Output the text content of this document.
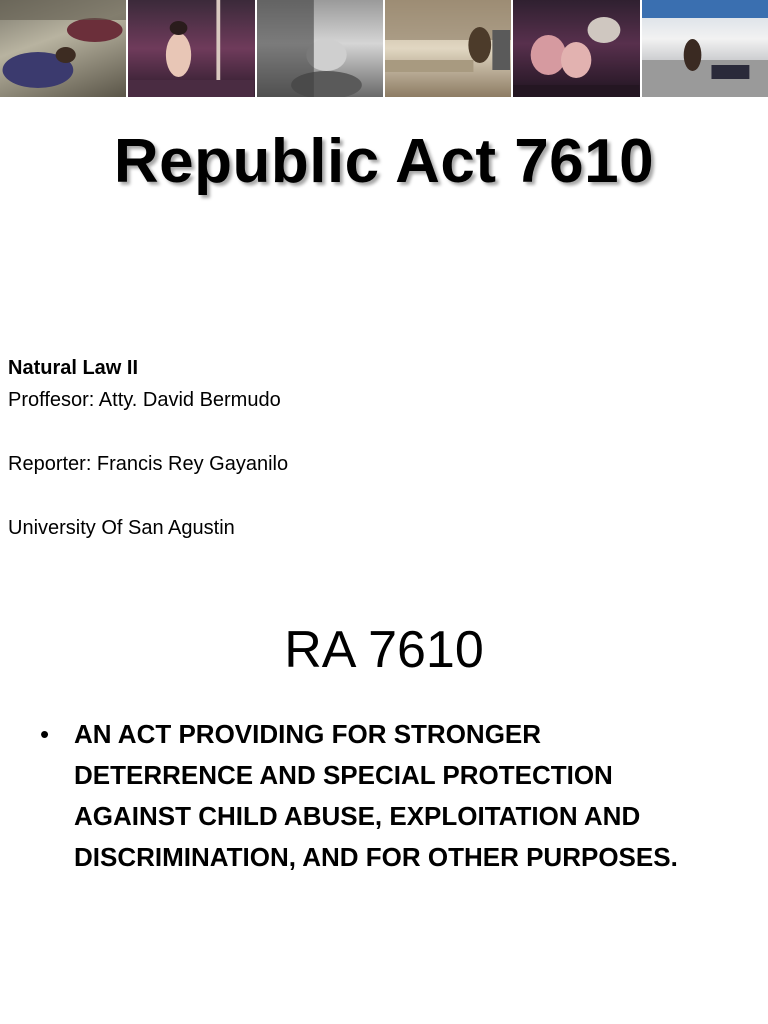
Republic Act 7610
Natural Law II
Proffesor: Atty. David Bermudo
Reporter: Francis Rey Gayanilo
University Of San Agustin
RA 7610
• AN ACT PROVIDING FOR STRONGER DETERRENCE AND SPECIAL PROTECTION AGAINST CHILD ABUSE, EXPLOITATION AND DISCRIMINATION, AND FOR OTHER PURPOSES.
